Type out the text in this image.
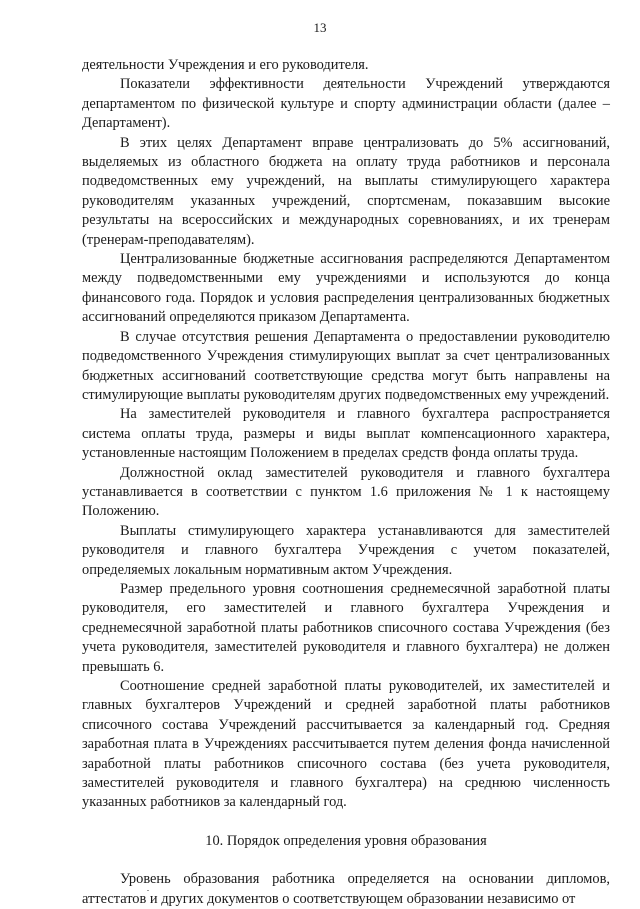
13

деятельности Учреждения и его руководителя.

Показатели эффективности деятельности Учреждений утверждаются департаментом по физической культуре и спорту администрации области (далее – Департамент).

В этих целях Департамент вправе централизовать до 5% ассигнований, выделяемых из областного бюджета на оплату труда работников и персонала подведомственных ему учреждений, на выплаты стимулирующего характера руководителям указанных учреждений, спортсменам, показавшим высокие результаты на всероссийских и международных соревнованиях, и их тренерам (тренерам-преподавателям).

Централизованные бюджетные ассигнования распределяются Департаментом между подведомственными ему учреждениями и используются до конца финансового года. Порядок и условия распределения централизованных бюджетных ассигнований определяются приказом Департамента.

В случае отсутствия решения Департамента о предоставлении руководителю подведомственного Учреждения стимулирующих выплат за счет централизованных бюджетных ассигнований соответствующие средства могут быть направлены на стимулирующие выплаты руководителям других подведомственных ему учреждений.

На заместителей руководителя и главного бухгалтера распространяется система оплаты труда, размеры и виды выплат компенсационного характера, установленные настоящим Положением в пределах средств фонда оплаты труда.

Должностной оклад заместителей руководителя и главного бухгалтера устанавливается в соответствии с пунктом 1.6 приложения № 1 к настоящему Положению.

Выплаты стимулирующего характера устанавливаются для заместителей руководителя и главного бухгалтера Учреждения с учетом показателей, определяемых локальным нормативным актом Учреждения.

Размер предельного уровня соотношения среднемесячной заработной платы руководителя, его заместителей и главного бухгалтера Учреждения и среднемесячной заработной платы работников списочного состава Учреждения (без учета руководителя, заместителей руководителя и главного бухгалтера) не должен превышать 6.

Соотношение средней заработной платы руководителей, их заместителей и главных бухгалтеров Учреждений и средней заработной платы работников списочного состава Учреждений рассчитывается за календарный год. Средняя заработная плата в Учреждениях рассчитывается путем деления фонда начисленной заработной платы работников списочного состава (без учета руководителя, заместителей руководителя и главного бухгалтера) на среднюю численность указанных работников за календарный год.

10. Порядок определения уровня образования

Уровень образования работника определяется на основании дипломов, аттестатов и других документов о соответствующем образовании независимо от
